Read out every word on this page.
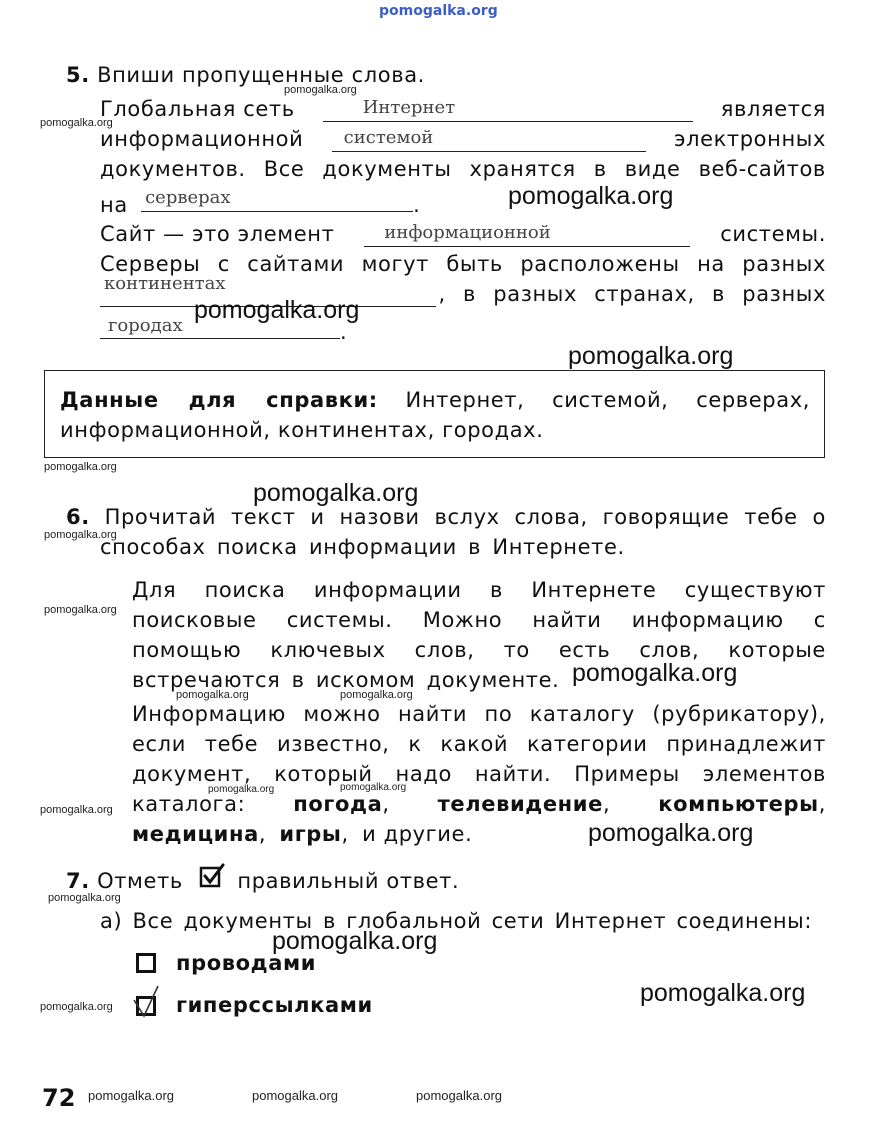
pomogalka.org
pomogalka.org
pomogalka.org
pomogalka.org
pomogalka.org
pomogalka.org
pomogalka.org
pomogalka.org
pomogalka.org
pomogalka.org
pomogalka.org	pomogalka.org
pomogalka.org	pomogalka.org
pomogalka.org
pomogalka.org
pomogalka.org
pomogalka.org
pomogalka.org
pomogalka.org
pomogalka.org	pomogalka.org	pomogalka.org
5. Впиши пропущенные слова.
Глобальная сеть	Интернет	является
информационной	системой	электронных
документов. Все документы хранятся в виде веб-сайтов
на серверах	.
Сайт — это элемент	информационной	системы.
Серверы с сайтами могут быть расположены на разных
континентах	, в разных странах, в разных
городах	.
pomogalka.org
Данные для справки: Интернет, системой, серверах,
информационной, континентах, городах.
6. Прочитай текст и назови вслух слова, говорящие тебе о
способах поиска информации в Интернете.
Для поиска информации в Интернете существуют
поисковые системы. Можно найти информацию с
помощью ключевых слов, то есть слов, которые
встречаются в искомом документе.
Информацию можно найти по каталогу (рубрикатору),
если тебе известно, к какой категории принадлежит
документ, который надо найти. Примеры элементов
каталога: погода, телевидение, компьютеры,
медицина, игры, и другие.
7. Отметь	правильный ответ.
а) Все документы в глобальной сети Интернет соединены:
проводами
гиперссылками
72
